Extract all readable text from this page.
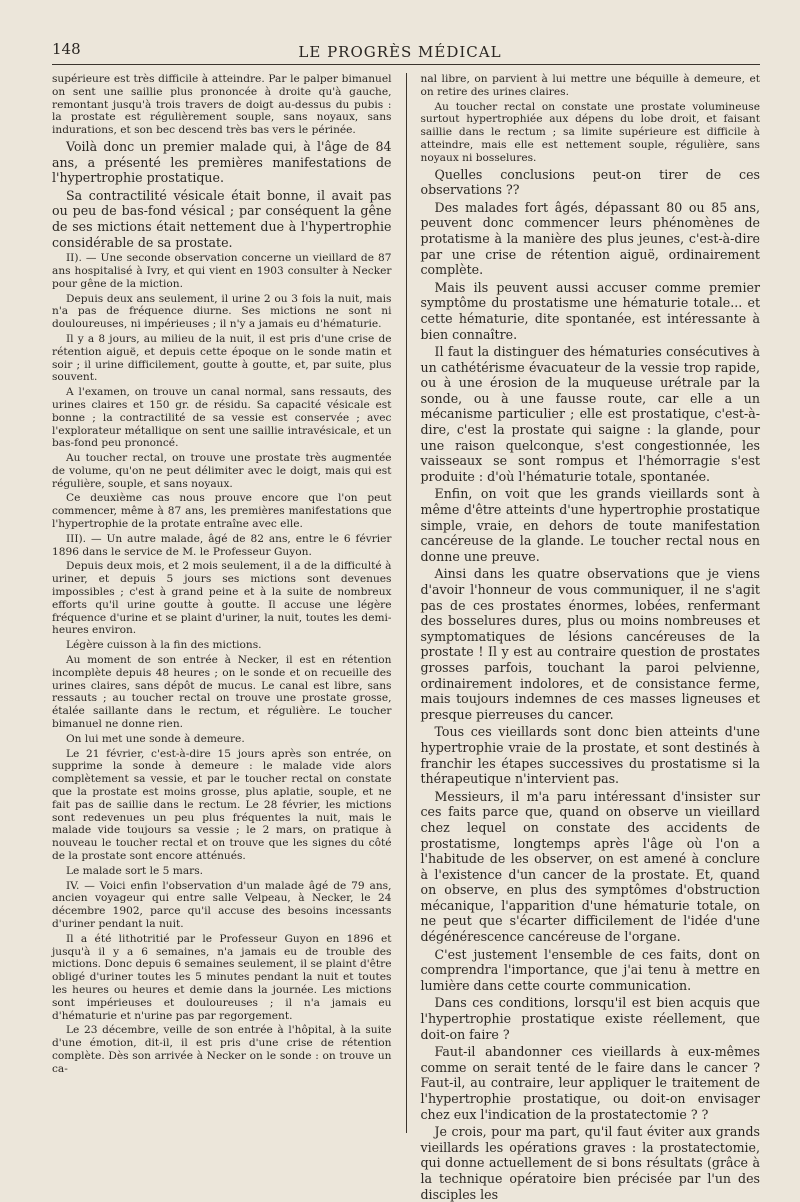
148	LE PROGRÈS MÉDICAL

supérieure est très difficile à atteindre. Par le palper bimanuel on sent une saillie plus prononcée à droite qu'à gauche, remontant jusqu'à trois travers de doigt au-dessus du pubis : la prostate est régulièrement souple, sans noyaux, sans indurations, et son bec descend très bas vers le périnée.

Voilà donc un premier malade qui, à l'âge de 84 ans, a présenté les premières manifestations de l'hypertrophie prostatique.

Sa contractilité vésicale était bonne, il avait pas ou peu de bas-fond vésical ; par conséquent la gêne de ses mictions était nettement due à l'hypertrophie considérable de sa prostate.

II). — Une seconde observation concerne un vieillard de 87 ans hospitalisé à Ivry, et qui vient en 1903 consulter à Necker pour gêne de la miction.

Depuis deux ans seulement, il urine 2 ou 3 fois la nuit, mais n'a pas de fréquence diurne. Ses mictions ne sont ni douloureuses, ni impérieuses ; il n'y a jamais eu d'hématurie.

Il y a 8 jours, au milieu de la nuit, il est pris d'une crise de rétention aiguë, et depuis cette époque on le sonde matin et soir ; il urine difficilement, goutte à goutte, et, par suite, plus souvent.

A l'examen, on trouve un canal normal, sans ressauts, des urines claires et 150 gr. de résidu. Sa capacité vésicale est bonne ; la contractilité de sa vessie est conservée ; avec l'explorateur métallique on sent une saillie intravésicale, et un bas-fond peu prononcé.

Au toucher rectal, on trouve une prostate très augmentée de volume, qu'on ne peut délimiter avec le doigt, mais qui est régulière, souple, et sans noyaux.

Ce deuxième cas nous prouve encore que l'on peut commencer, même à 87 ans, les premières manifestations que l'hypertrophie de la protate entraîne avec elle.

III). — Un autre malade, âgé de 82 ans, entre le 6 février 1896 dans le service de M. le Professeur Guyon.

Depuis deux mois, et 2 mois seulement, il a de la difficulté à uriner, et depuis 5 jours ses mictions sont devenues impossibles ; c'est à grand peine et à la suite de nombreux efforts qu'il urine goutte à goutte. Il accuse une légère fréquence d'urine et se plaint d'uriner, la nuit, toutes les demi-heures environ.

Légère cuisson à la fin des mictions.

Au moment de son entrée à Necker, il est en rétention incomplète depuis 48 heures ; on le sonde et on recueille des urines claires, sans dépôt de mucus. Le canal est libre, sans ressauts ; au toucher rectal on trouve une prostate grosse, étalée saillante dans le rectum, et régulière. Le toucher bimanuel ne donne rien.

On lui met une sonde à demeure.

Le 21 février, c'est-à-dire 15 jours après son entrée, on supprime la sonde à demeure : le malade vide alors complètement sa vessie, et par le toucher rectal on constate que la prostate est moins grosse, plus aplatie, souple, et ne fait pas de saillie dans le rectum. Le 28 février, les mictions sont redevenues un peu plus fréquentes la nuit, mais le malade vide toujours sa vessie ; le 2 mars, on pratique à nouveau le toucher rectal et on trouve que les signes du côté de la prostate sont encore atténués.

Le malade sort le 5 mars.

IV. — Voici enfin l'observation d'un malade âgé de 79 ans, ancien voyageur qui entre salle Velpeau, à Necker, le 24 décembre 1902, parce qu'il accuse des besoins incessants d'uriner pendant la nuit.

Il a été lithotritié par le Professeur Guyon en 1896 et jusqu'à il y a 6 semaines, n'a jamais eu de trouble des mictions. Donc depuis 6 semaines seulement, il se plaint d'être obligé d'uriner toutes les 5 minutes pendant la nuit et toutes les heures ou heures et demie dans la journée. Les mictions sont impérieuses et douloureuses ; il n'a jamais eu d'hématurie et n'urine pas par regorgement.

Le 23 décembre, veille de son entrée à l'hôpital, à la suite d'une émotion, dit-il, il est pris d'une crise de rétention complète. Dès son arrivée à Necker on le sonde : on trouve un ca-

nal libre, on parvient à lui mettre une béquille à demeure, et on retire des urines claires.

Au toucher rectal on constate une prostate volumineuse surtout hypertrophiée aux dépens du lobe droit, et faisant saillie dans le rectum ; sa limite supérieure est difficile à atteindre, mais elle est nettement souple, régulière, sans noyaux ni bosselures.

Quelles conclusions peut-on tirer de ces observations ??

Des malades fort âgés, dépassant 80 ou 85 ans, peuvent donc commencer leurs phénomènes de protatisme à la manière des plus jeunes, c'est-à-dire par une crise de rétention aiguë, ordinairement complète.

Mais ils peuvent aussi accuser comme premier symptôme du prostatisme une hématurie totale... et cette hématurie, dite spontanée, est intéressante à bien connaître.

Il faut la distinguer des hématuries consécutives à un cathétérisme évacuateur de la vessie trop rapide, ou à une érosion de la muqueuse urétrale par la sonde, ou à une fausse route, car elle a un mécanisme particulier ; elle est prostatique, c'est-à-dire, c'est la prostate qui saigne : la glande, pour une raison quelconque, s'est congestionnée, les vaisseaux se sont rompus et l'hémorragie s'est produite : d'où l'hématurie totale, spontanée.

Enfin, on voit que les grands vieillards sont à même d'être atteints d'une hypertrophie prostatique simple, vraie, en dehors de toute manifestation cancéreuse de la glande. Le toucher rectal nous en donne une preuve.

Ainsi dans les quatre observations que je viens d'avoir l'honneur de vous communiquer, il ne s'agit pas de ces prostates énormes, lobées, renfermant des bosselures dures, plus ou moins nombreuses et symptomatiques de lésions cancéreuses de la prostate ! Il y est au contraire question de prostates grosses parfois, touchant la paroi pelvienne, ordinairement indolores, et de consistance ferme, mais toujours indemnes de ces masses ligneuses et presque pierreuses du cancer.

Tous ces vieillards sont donc bien atteints d'une hypertrophie vraie de la prostate, et sont destinés à franchir les étapes successives du prostatisme si la thérapeutique n'intervient pas.

Messieurs, il m'a paru intéressant d'insister sur ces faits parce que, quand on observe un vieillard chez lequel on constate des accidents de prostatisme, longtemps après l'âge où l'on a l'habitude de les observer, on est amené à conclure à l'existence d'un cancer de la prostate. Et, quand on observe, en plus des symptômes d'obstruction mécanique, l'apparition d'une hématurie totale, on ne peut que s'écarter difficilement de l'idée d'une dégénérescence cancéreuse de l'organe.

C'est justement l'ensemble de ces faits, dont on comprendra l'importance, que j'ai tenu à mettre en lumière dans cette courte communication.

Dans ces conditions, lorsqu'il est bien acquis que l'hypertrophie prostatique existe réellement, que doit-on faire ?

Faut-il abandonner ces vieillards à eux-mêmes comme on serait tenté de le faire dans le cancer ? Faut-il, au contraire, leur appliquer le traitement de l'hypertrophie prostatique, ou doit-on envisager chez eux l'indication de la prostatectomie ? ?

Je crois, pour ma part, qu'il faut éviter aux grands vieillards les opérations graves : la prostatectomie, qui donne actuellement de si bons résultats (grâce à la technique opératoire bien précisée par l'un des disciples les
